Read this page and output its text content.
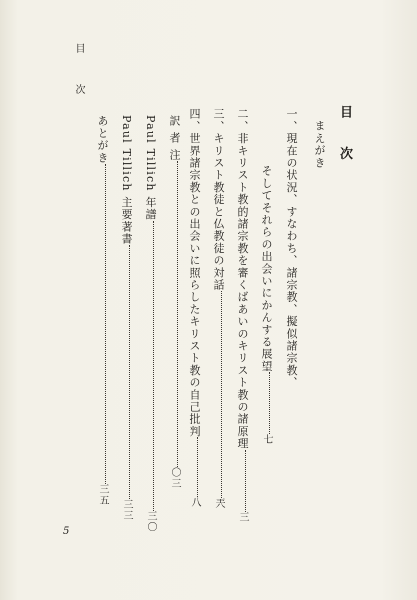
目 次
目 次
まえがき
一、現在の状況、すなわち、諸宗教、擬似諸宗教、
そしてそれらの出会いにかんする展望七
二、非キリスト教的諸宗教を審くばあいのキリスト教の諸原理三
三、キリスト教徒と仏教徒の対話兲
四、世界諸宗教との出会いに照らしたキリスト教の自己批判八
訳 者 注〇三
Paul Tillich 年譜三〇
Paul Tillich 主要著書三三
あとがき三五
5
